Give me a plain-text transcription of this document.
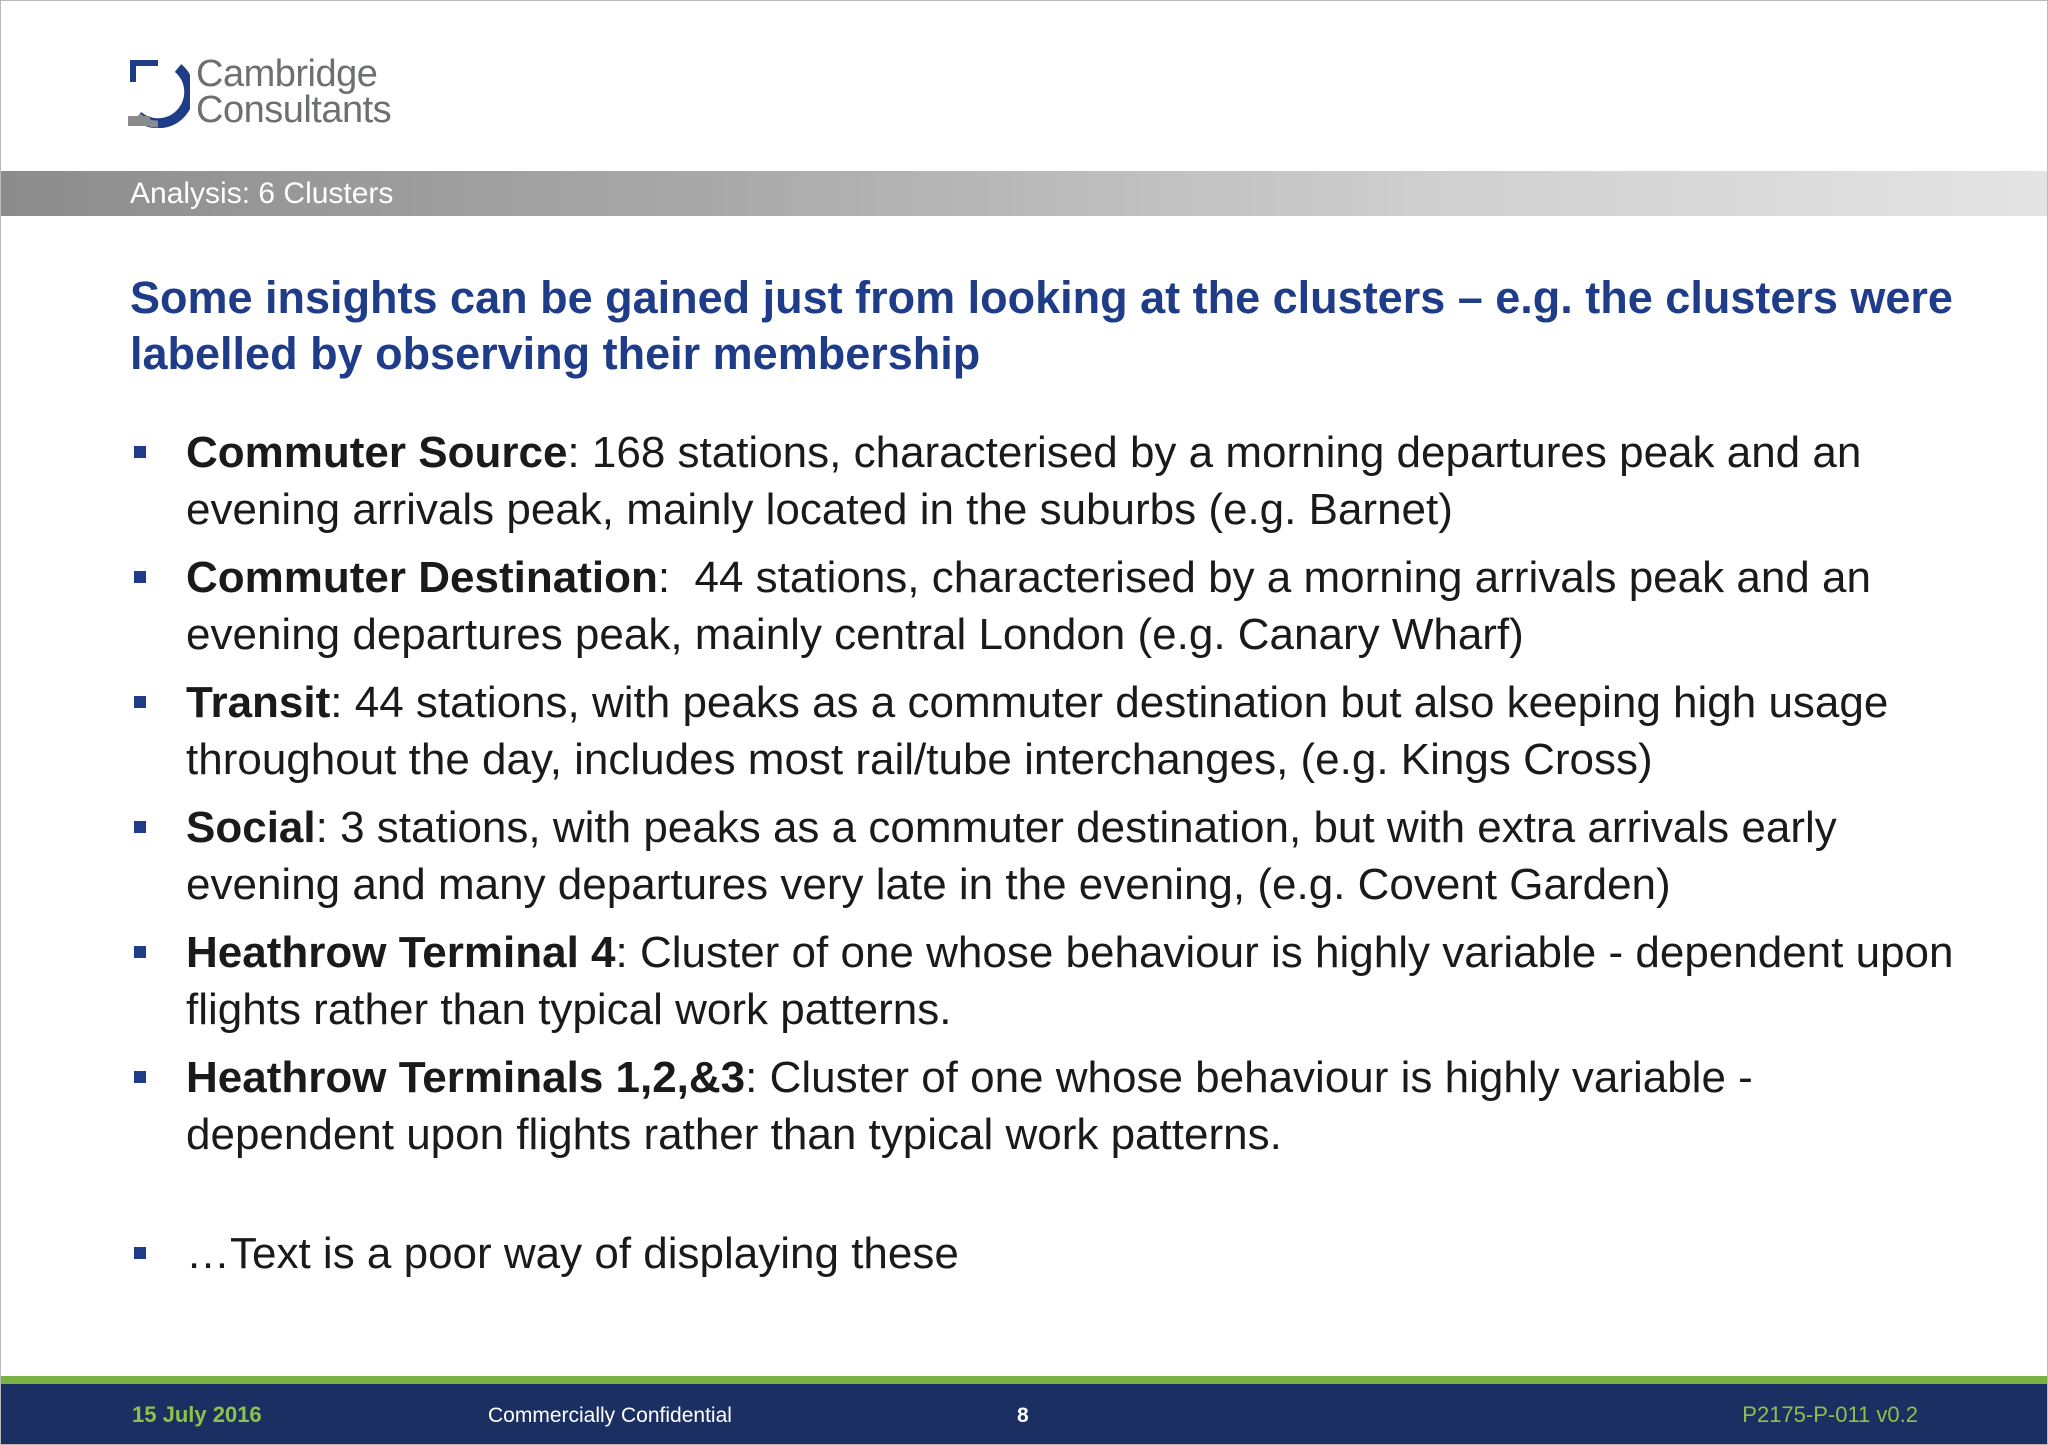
Cambridge
Consultants
Analysis: 6 Clusters
Some insights can be gained just from looking at the clusters – e.g. the clusters were labelled by observing their membership
Commuter Source: 168 stations, characterised by a morning departures peak and an evening arrivals peak, mainly located in the suburbs (e.g. Barnet)
Commuter Destination:  44 stations, characterised by a morning arrivals peak and an evening departures peak, mainly central London (e.g. Canary Wharf)
Transit: 44 stations, with peaks as a commuter destination but also keeping high usage throughout the day, includes most rail/tube interchanges, (e.g. Kings Cross)
Social: 3 stations, with peaks as a commuter destination, but with extra arrivals early evening and many departures very late in the evening, (e.g. Covent Garden)
Heathrow Terminal 4: Cluster of one whose behaviour is highly variable - dependent upon flights rather than typical work patterns.
Heathrow Terminals 1,2,&3: Cluster of one whose behaviour is highly variable - dependent upon flights rather than typical work patterns.
…Text is a poor way of displaying these
15 July 2016	Commercially Confidential	8	P2175-P-011 v0.2
